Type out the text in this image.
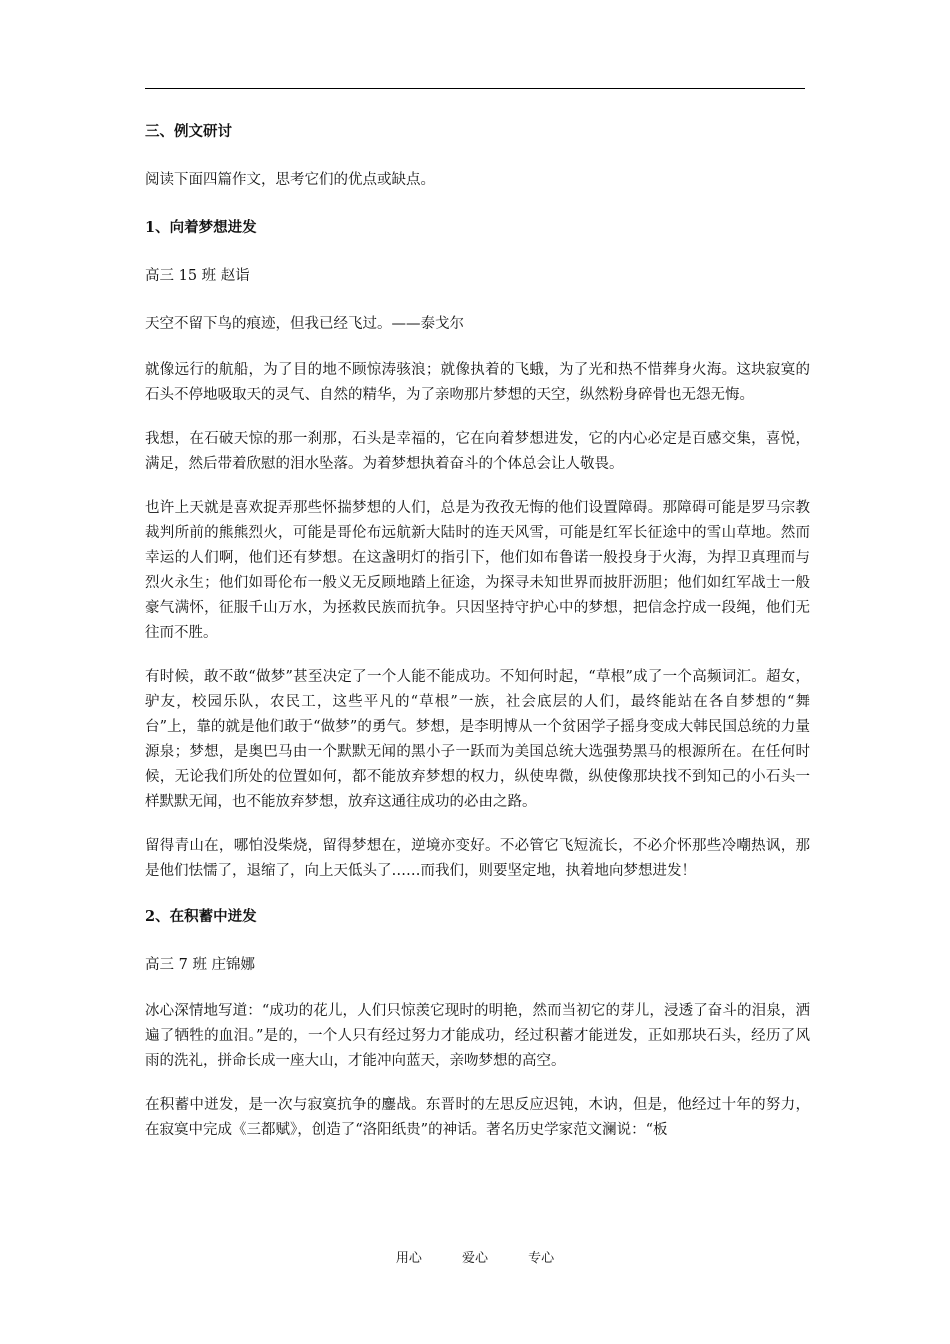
三、例文研讨
阅读下面四篇作文，思考它们的优点或缺点。
1、向着梦想进发
高三 15 班 赵诣
天空不留下鸟的痕迹，但我已经飞过。——泰戈尔
就像远行的航船，为了目的地不顾惊涛骇浪；就像执着的飞蛾，为了光和热不惜葬身火海。这块寂寞的石头不停地吸取天的灵气、自然的精华，为了亲吻那片梦想的天空，纵然粉身碎骨也无怨无悔。
我想，在石破天惊的那一刹那，石头是幸福的，它在向着梦想进发，它的内心必定是百感交集，喜悦，满足，然后带着欣慰的泪水坠落。为着梦想执着奋斗的个体总会让人敬畏。
也许上天就是喜欢捉弄那些怀揣梦想的人们，总是为孜孜无悔的他们设置障碍。那障碍可能是罗马宗教裁判所前的熊熊烈火，可能是哥伦布远航新大陆时的连天风雪，可能是红军长征途中的雪山草地。然而幸运的人们啊，他们还有梦想。在这盏明灯的指引下，他们如布鲁诺一般投身于火海，为捍卫真理而与烈火永生；他们如哥伦布一般义无反顾地踏上征途，为探寻未知世界而披肝沥胆；他们如红军战士一般豪气满怀，征服千山万水，为拯救民族而抗争。只因坚持守护心中的梦想，把信念拧成一段绳，他们无往而不胜。
有时候，敢不敢“做梦”甚至决定了一个人能不能成功。不知何时起，“草根”成了一个高频词汇。超女，驴友，校园乐队，农民工，这些平凡的“草根”一族，社会底层的人们，最终能站在各自梦想的“舞台”上，靠的就是他们敢于“做梦”的勇气。梦想，是李明博从一个贫困学子摇身变成大韩民国总统的力量源泉；梦想，是奥巴马由一个默默无闻的黑小子一跃而为美国总统大选强势黑马的根源所在。在任何时候，无论我们所处的位置如何，都不能放弃梦想的权力，纵使卑微，纵使像那块找不到知己的小石头一样默默无闻，也不能放弃梦想，放弃这通往成功的必由之路。
留得青山在，哪怕没柴烧，留得梦想在，逆境亦变好。不必管它飞短流长，不必介怀那些冷嘲热讽，那是他们怯懦了，退缩了，向上天低头了……而我们，则要坚定地，执着地向梦想进发！
2、在积蓄中迸发
高三 7 班 庄锦娜
冰心深情地写道：“成功的花儿，人们只惊羡它现时的明艳，然而当初它的芽儿，浸透了奋斗的泪泉，洒遍了牺牲的血泪。”是的，一个人只有经过努力才能成功，经过积蓄才能迸发，正如那块石头，经历了风雨的洗礼，拼命长成一座大山，才能冲向蓝天，亲吻梦想的高空。
在积蓄中迸发，是一次与寂寞抗争的鏖战。东晋时的左思反应迟钝，木讷，但是，他经过十年的努力，在寂寞中完成《三都赋》，创造了“洛阳纸贵”的神话。著名历史学家范文澜说：“板
用心	爱心	专心
